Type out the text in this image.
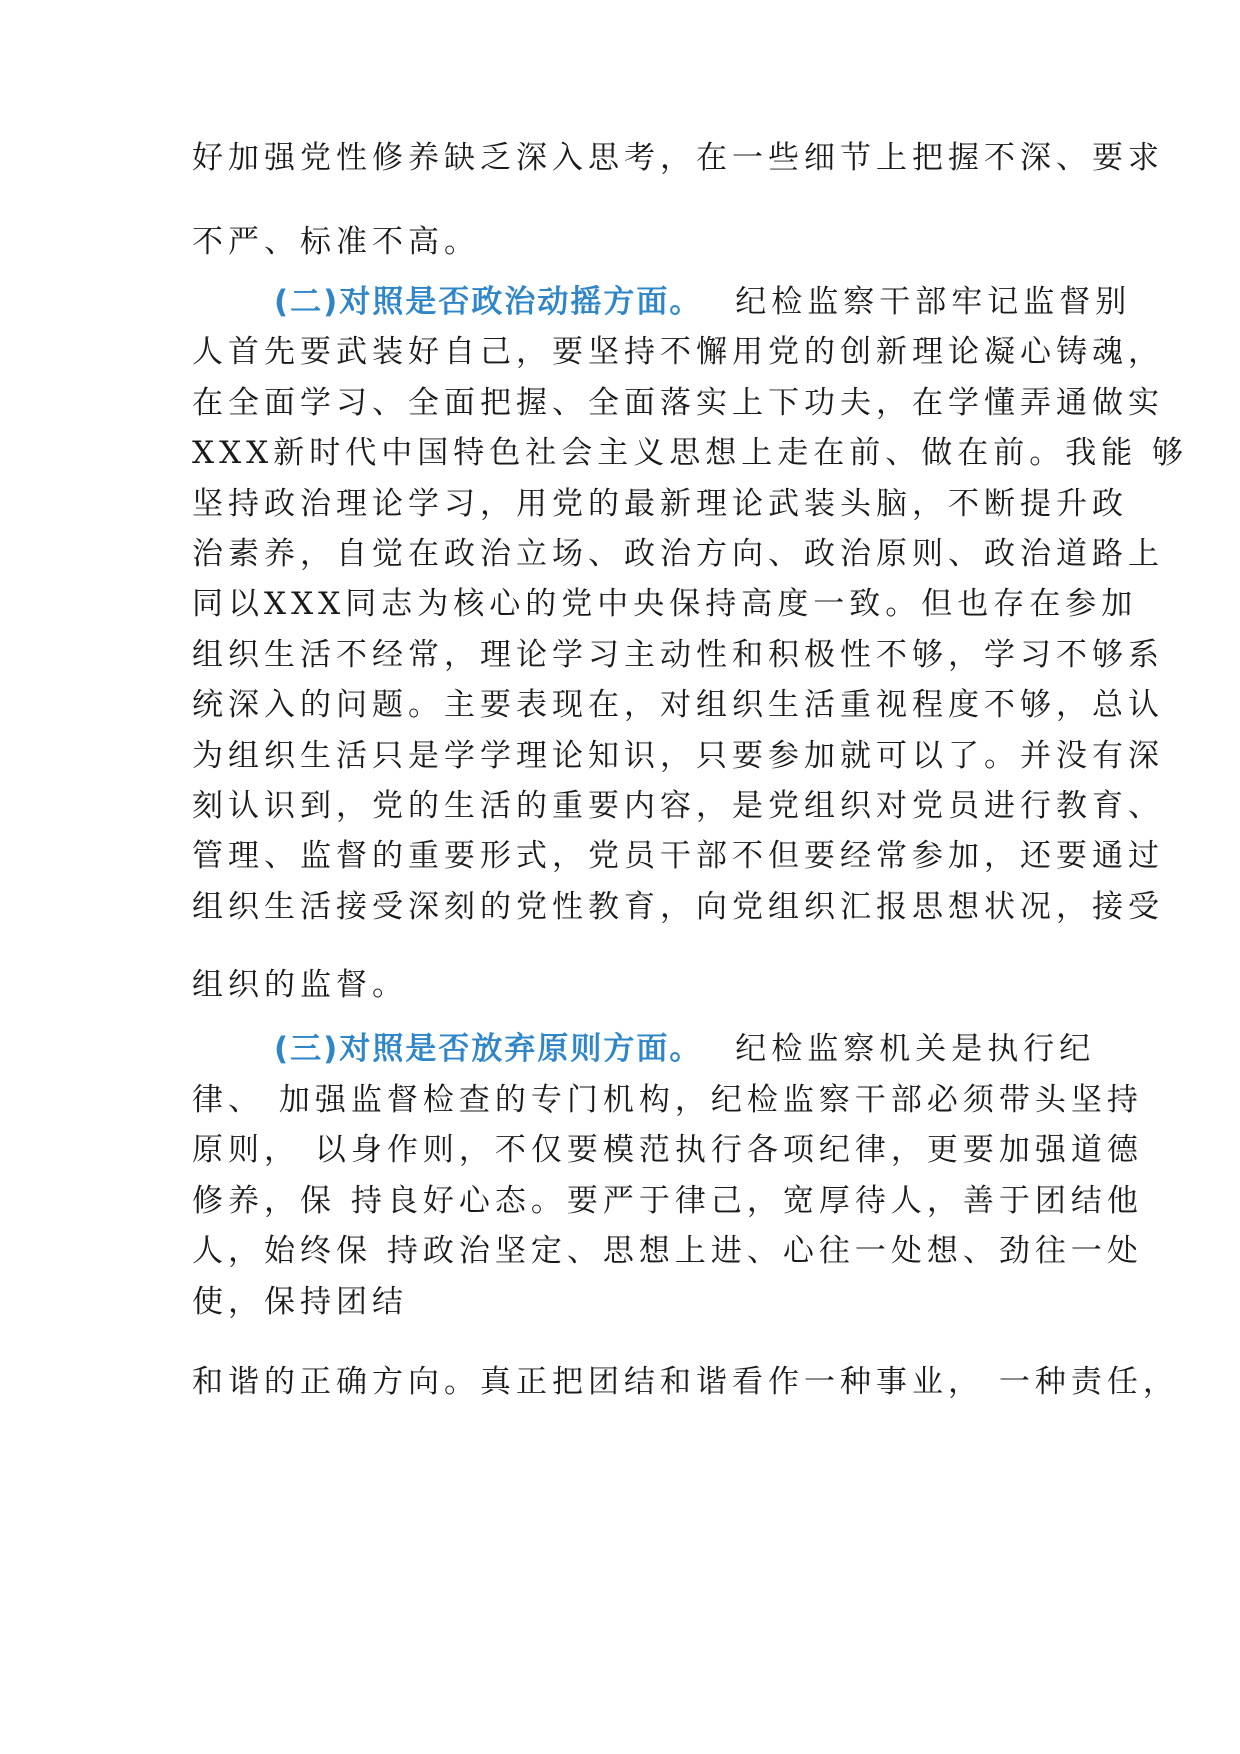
好加强党性修养缺乏深入思考，在一些细节上把握不深、要求
不严、标准不高。
(二)对照是否政治动摇方面。 纪检监察干部牢记监督别
人首先要武装好自己，要坚持不懈用党的创新理论凝心铸魂，
在全面学习、全面把握、全面落实上下功夫，在学懂弄通做实
XXX新时代中国特色社会主义思想上走在前、做在前。我能 够
坚持政治理论学习，用党的最新理论武装头脑，不断提升政
治素养，自觉在政治立场、政治方向、政治原则、政治道路上
同以XXX同志为核心的党中央保持高度一致。但也存在参加
组织生活不经常，理论学习主动性和积极性不够，学习不够系
统深入的问题。主要表现在，对组织生活重视程度不够，总认
为组织生活只是学学理论知识，只要参加就可以了。并没有深
刻认识到，党的生活的重要内容，是党组织对党员进行教育、
管理、监督的重要形式，党员干部不但要经常参加，还要通过
组织生活接受深刻的党性教育，向党组织汇报思想状况，接受
组织的监督。
(三)对照是否放弃原则方面。 纪检监察机关是执行纪
律、 加强监督检查的专门机构，纪检监察干部必须带头坚持
原则， 以身作则，不仅要模范执行各项纪律，更要加强道德
修养，保 持良好心态。要严于律己，宽厚待人，善于团结他
人，始终保 持政治坚定、思想上进、心往一处想、劲往一处
使，保持团结
和谐的正确方向。真正把团结和谐看作一种事业， 一种责任，
